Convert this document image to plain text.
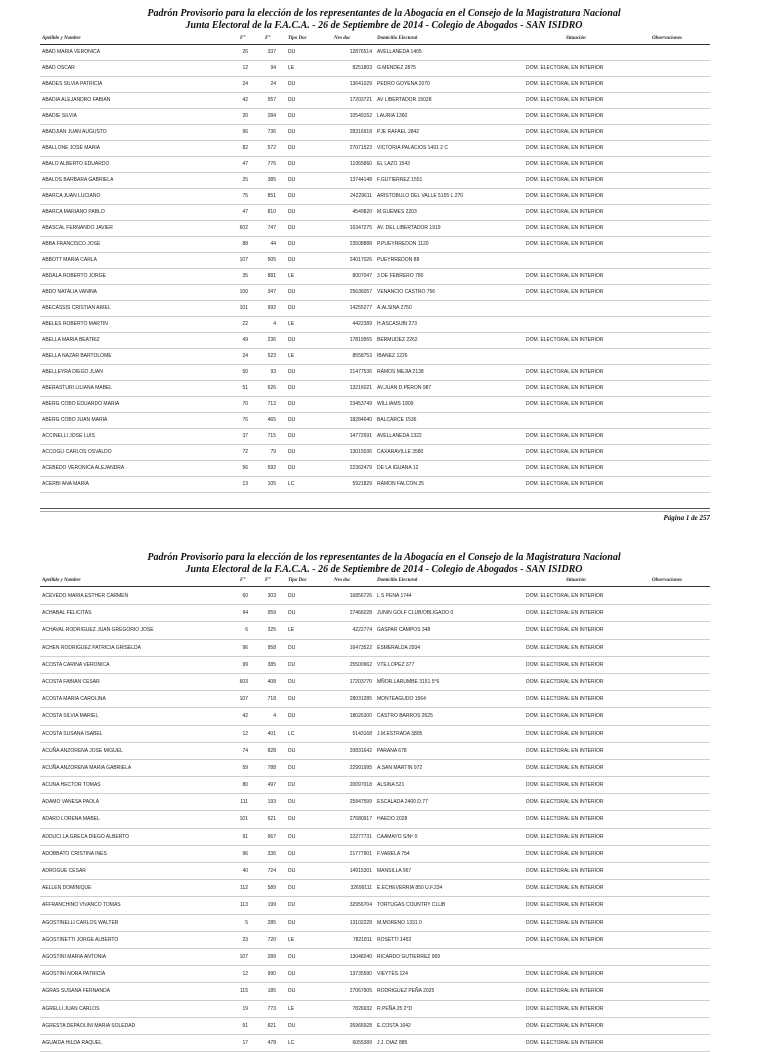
Padrón Provisorio para la elección de los representantes de la Abogacía en el Consejo de la Magistratura Nacional
Junta Electoral de la F.A.C.A. - 26 de Septiembre de 2014 - Colegio de Abogados - SAN ISIDRO
Apellido y Nombre	F°	F°	Tipo Doc	Nro doc	Domicilio Electoral	Situación	Observaciones
ABAD MARIA VERONICA	26	337 DU	12876514 AVELLANEDA 1405
ABAD OSCAR	12	94 LE	8251803 G.MENDEZ 2875	DOM. ELECTORAL EN INTERIOR
ABADES SILVIA PATRICIA	24	24 DU	13641029 PEDRO GOYENA 2070	DOM. ELECTORAL EN INTERIOR
ABADIA ALEJANDRO FABIAN	42	557 DU	17203721 AV LIBERTADOR 15028	DOM. ELECTORAL EN INTERIOR
ABADIE SILVIA	20	284 DU	10549152 LAURIA 1360	DOM. ELECTORAL EN INTERIOR
ABADJIAN JUAN AUGUSTO	96	736 DU	28316918 PJE RAFAEL 2842	DOM. ELECTORAL EN INTERIOR
ABALLONE JOSE MARIA	82	572 DU	27071523 VICTORIA PALACIOS 1491 2 C	DOM. ELECTORAL EN INTERIOR
ABALO ALBERTO EDUARDO	47	776 DU	11065860 EL LAZO 1543	DOM. ELECTORAL EN INTERIOR
ABALOS BARBARA GABRIELA	25	385 DU	13744148 F.GUTIERREZ 1551	DOM. ELECTORAL EN INTERIOR
ABARCA JUAN LUCIANO	75	851 DU	24229611 ARISTOBULO DEL VALLE 5155 L.270	DOM. ELECTORAL EN INTERIOR
ABARCA MARIANO PABLO	47	810 DU	4549820 M.GUEMES 2203	DOM. ELECTORAL EN INTERIOR
ABASCAL FERNANDO JAVIER	602	747 DU	16347275 AV. DEL LIBERTADOR 1919	DOM. ELECTORAL EN INTERIOR
ABBA FRANCISCO JOSE	88	44 DU	23508888 P.PUEYRREDON 1120	DOM. ELECTORAL EN INTERIOR
ABBOTT MARIA CARLA	107	505 DU	24017026 PUEYRREDON 88
ABDALA ROBERTO JORGE	35	881 LE	8007047 3 DE FEBRERO 780	DOM. ELECTORAL EN INTERIOR
ABDO NATALIA VANINA	100	347 DU	25636057 VENANCIO CASTRO 756	DOM. ELECTORAL EN INTERIOR
ABECASSIS CRISTIAN ARIEL	101	992 DU	14255277 A.ALSINA 2750
ABELES ROBERTO MARTIN	22	4 LE	4422389 H.ASCASUBI 273
ABELLA MARIA BEATRIZ	49	236 DU	17819955 BERMUDEZ 2262	DOM. ELECTORAL EN INTERIOR
ABELLA NAZAR BARTOLOME	24	523 LE	8558753 IBANEZ 1226
ABELLEYRA DIEGO JUAN	50	93 DU	21477536 RAMOS MEJIA 2138	DOM. ELECTORAL EN INTERIOR
ABERASTURI LILIANA MABEL	51	626 DU	13216021 AV.JUAN D.PERON 987	DOM. ELECTORAL EN INTERIOR
ABERG COBO EDUARDO MARIA	70	713 DU	23453749 WILLIAMS 1809	DOM. ELECTORAL EN INTERIOR
ABERG COBO JUAN MARIA	76	465 DU	18284640 BALCARCE 1536
ACCINELLI JOSE LUIS	37	715 DU	14772691 AVELLANEDA 1322	DOM. ELECTORAL EN INTERIOR
ACCOGLI CARLOS OSVALDO	72	79 DU	13015036 CAXARAVILLE 3580	DOM. ELECTORAL EN INTERIOR
ACEBEDO VERONICA ALEJANDRA	56	592 DU	22362479 DE LA IGUANA 12	DOM. ELECTORAL EN INTERIOR
ACERBI ANA MARIA	13	105 LC	5921829 RAMON FALCON 25	DOM. ELECTORAL EN INTERIOR
Página 1 de 257
Padrón Provisorio para la elección de los representantes de la Abogacía en el Consejo de la Magistratura Nacional
Junta Electoral de la F.A.C.A. - 26 de Septiembre de 2014 - Colegio de Abogados - SAN ISIDRO
Apellido y Nombre	F°	F°	Tipo Doc	Nro doc	Domicilio Electoral	Situación	Observaciones
ACEVEDO MARIA ESTHER CARMEN	60	303 DU	16856726 L S PENA 1744	DOM. ELECTORAL EN INTERIOR
ACHABAL FELICITAS	94	959 DU	27466028 JUNIN GOLF CLUB/OBLIGADO 0	DOM. ELECTORAL EN INTERIOR
ACHAVAL RODRIGUEZ JUAN GREGORIO JOSE	6	325 LE	4222774 GASPAR CAMPOS 348	DOM. ELECTORAL EN INTERIOR
ACHEN RODRIGUEZ PATRICIA GRISELDA	96	958 DU	16473522 ESMERALDA 2934	DOM. ELECTORAL EN INTERIOR
ACOSTA CARINA VERONICA	99	385 DU	25500962 VTE.LOPEZ 377	DOM. ELECTORAL EN INTERIOR
ACOSTA FABIAN CESAR	603	408 DU	17203770 MÑOR.LARUMBE 3151 5°6	DOM. ELECTORAL EN INTERIOR
ACOSTA MARIA CAROLINA	107	718 DU	28031285 MONTEAGUDO 1964	DOM. ELECTORAL EN INTERIOR
ACOSTA SILVIA MARIEL	42	4 DU	18026300 CASTRO BARROS 2625	DOM. ELECTORAL EN INTERIOR
ACOSTA SUSANA ISABEL	12	401 LC	5143168 J.M.ESTRADA 3805	DOM. ELECTORAL EN INTERIOR
ACUÑA ANZORENA JOSE MIGUEL	74	828 DU	20831642 PARANA 678	DOM. ELECTORAL EN INTERIOR
ACUÑA ANZORENA MARIA GABRIELA	59	788 DU	22991995 A.SAN MARTIN 972	DOM. ELECTORAL EN INTERIOR
ACUNA HECTOR TOMAS	80	497 DU	20097018 ALSINA 521	DOM. ELECTORAL EN INTERIOR
ADAMO VANESA PAOLA	111	193 DU	25847599 ESCALADA 2400 D.77	DOM. ELECTORAL EN INTERIOR
ADARO LORENA MABEL	101	621 DU	27680917 HAEDO 2028	DOM. ELECTORAL EN INTERIOR
ADDUCI LA GRECA DIEGO ALBERTO	91	967 DU	22277731 CAAMAYO S/Nº 0	DOM. ELECTORAL EN INTERIOR
ADOBBATO CRISTINA INES	96	336 DU	21777901 F.VARELA 754	DOM. ELECTORAL EN INTERIOR
ADROGUE CESAR	40	724 DU	14915301 MANSILLA 967	DOM. ELECTORAL EN INTERIOR
AELLEN DOMINIQUE	112	589 DU	32699111 E.ECHEVERRIA 850 U.F.234	DOM. ELECTORAL EN INTERIOR
AFFRANCHINO VIVANCO TOMAS	113	199 DU	32956704 TORTUGAS COUNTRY CLUB	DOM. ELECTORAL EN INTERIOR
AGOSTINELLI CARLOS WALTER	5	285 DU	13102228 M.MORENO 1331 0	DOM. ELECTORAL EN INTERIOR
AGOSTINETTI JORGE ALBERTO	23	720 LE	7821811 ROSETTI 1453	DOM. ELECTORAL EN INTERIOR
AGOSTINI MARIA ANTONIA	107	289 DU	13048240 RICARDO GUTIERREZ 969
AGOSTINI NORA PATRICIA	12	990 DU	13735590 VIEYTES 124	DOM. ELECTORAL EN INTERIOR
AGRAS SUSANA FERNANDA	115	185 DU	27067905 RODRIGUEZ PEÑA 2025	DOM. ELECTORAL EN INTERIOR
AGRELLI JUAN CARLOS	19	773 LE	7826932 R.PEÑA 25 2°D	DOM. ELECTORAL EN INTERIOR
AGRESTA DEPAOLINI MARIA SOLEDAD	91	821 DU	26966928 E.COSTA 1042	DOM. ELECTORAL EN INTERIOR
AGUAIDA HILDA RAQUEL	17	478 LC	6055389 J.J. DIAZ 885	DOM. ELECTORAL EN INTERIOR
